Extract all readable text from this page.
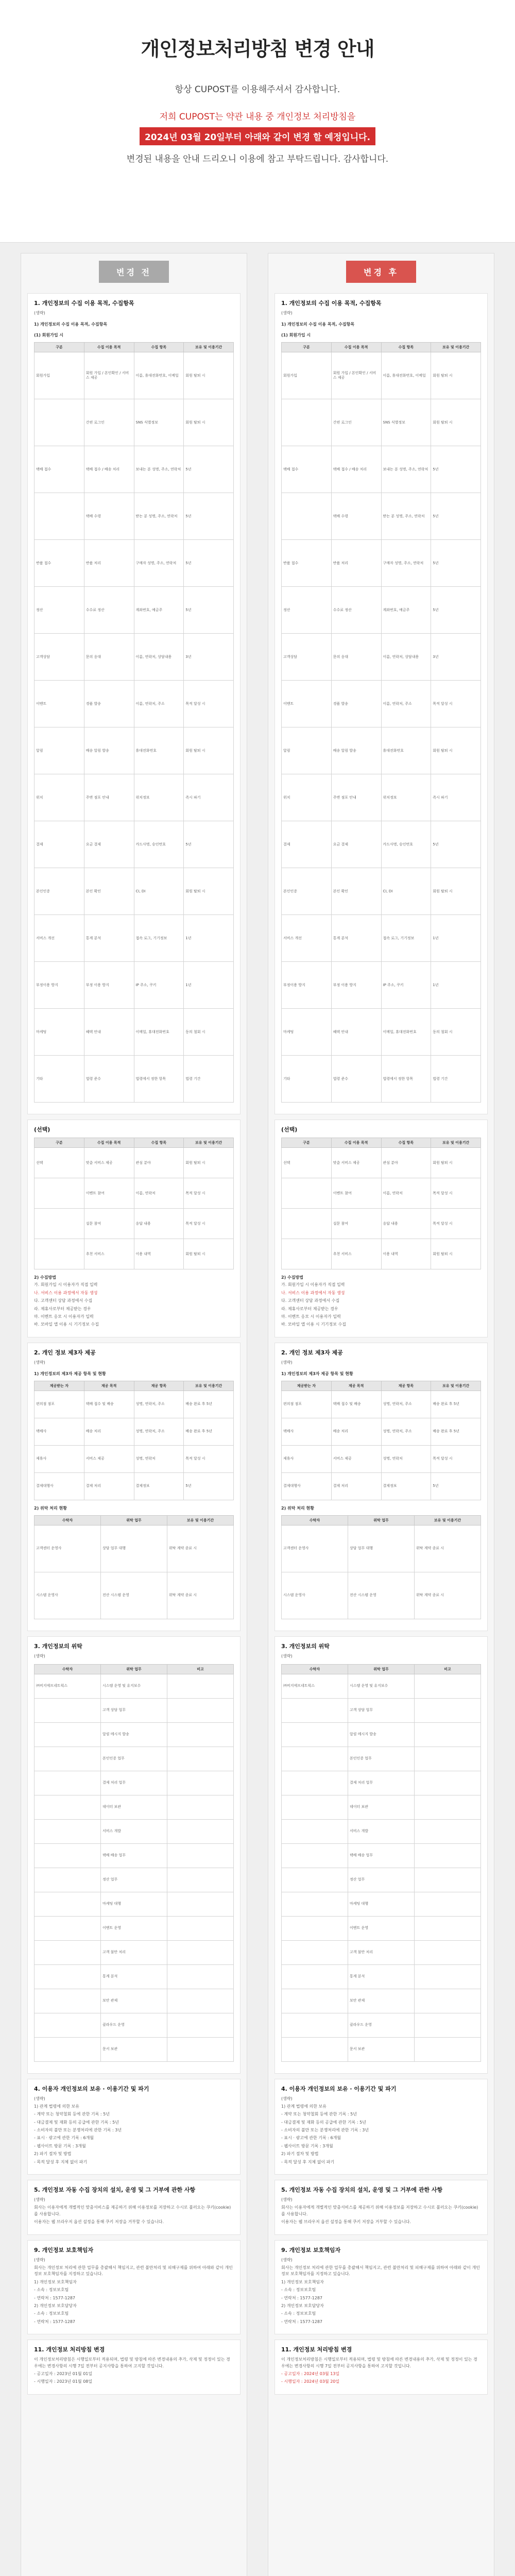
개인정보처리방침 변경 안내
항상 CUPOST를 이용해주셔서 감사합니다.
저희 CUPOST는 약관 내용 중 개인정보 처리방침을
2024년 03월 20일부터 아래와 같이 변경 할 예정입니다.
변경된 내용을 안내 드리오니 이용에 참고 부탁드립니다. 감사합니다.
변경 전
1. 개인정보의 수집 이용 목적, 수집항목

(생략)

1) 개인정보의 수집 이용 목적, 수집항목
(1) 회원가입 시
구분	수집 이용 목적	수집 항목	보유 및 이용기간
회원가입	회원 가입 / 본인확인 / 서비스 제공	이름, 휴대전화번호, 이메일	회원 탈퇴 시
	간편 로그인	SNS 식별정보	회원 탈퇴 시
택배 접수	택배 접수 / 배송 처리	보내는 분 성명, 주소, 연락처	5년
	택배 수령	받는 분 성명, 주소, 연락처	5년
반품 접수	반품 처리	구매자 성명, 주소, 연락처	5년
정산	수수료 정산	계좌번호, 예금주	5년
고객상담	문의 응대	이름, 연락처, 상담내용	3년
이벤트	경품 발송	이름, 연락처, 주소	목적 달성 시
알림	배송 알림 발송	휴대전화번호	회원 탈퇴 시
위치	주변 점포 안내	위치정보	즉시 파기
결제	요금 결제	카드사명, 승인번호	5년
본인인증	본인 확인	CI, DI	회원 탈퇴 시
서비스 개선	통계 분석	접속 로그, 기기정보	1년
부정이용 방지	부정 이용 방지	IP 주소, 쿠키	1년
마케팅	혜택 안내	이메일, 휴대전화번호	동의 철회 시
기타	법령 준수	법령에서 정한 항목	법령 기간
(선택)
구분	수집 이용 목적	수집 항목	보유 및 이용기간
선택	맞춤 서비스 제공	관심 분야	회원 탈퇴 시
	이벤트 참여	이름, 연락처	목적 달성 시
	설문 참여	응답 내용	목적 달성 시
	추천 서비스	이용 내역	회원 탈퇴 시
2) 수집방법

가. 회원가입 시 이용자가 직접 입력

나. 서비스 이용 과정에서 자동 생성

다. 고객센터 상담 과정에서 수집

라. 제휴사로부터 제공받는 경우

마. 이벤트 응모 시 이용자가 입력

바. 모바일 앱 이용 시 기기정보 수집

2. 개인 정보 제3자 제공

(생략)

1) 개인정보의 제3자 제공 항목 및 현황
제공받는 자	제공 목적	제공 항목	보유 및 이용기간
편의점 점포	택배 접수 및 배송	성명, 연락처, 주소	배송 완료 후 5년
택배사	배송 처리	성명, 연락처, 주소	배송 완료 후 5년
제휴사	서비스 제공	성명, 연락처	목적 달성 시
결제대행사	결제 처리	결제정보	5년
2) 위탁 처리 현황
수탁자	위탁 업무	보유 및 이용기간
고객센터 운영사	상담 업무 대행	위탁 계약 종료 시
시스템 운영사	전산 시스템 운영	위탁 계약 종료 시
3. 개인정보의 위탁

(생략)

수탁자	위탁 업무	비고
㈜비지에프네트웍스	시스템 운영 및 유지보수	
	고객 상담 업무	
	알림 메시지 발송	
	본인인증 업무	
	결제 처리 업무	
	데이터 보관	
	서비스 개발	
	택배 배송 업무	
	정산 업무	
	마케팅 대행	
	이벤트 운영	
	고객 불만 처리	
	통계 분석	
	보안 관제	
	클라우드 운영	
	문서 보관	
4. 이용자 개인정보의 보유 · 이용기간 및 파기

(생략)

1) 관계 법령에 의한 보유

- 계약 또는 청약철회 등에 관한 기록 : 5년

- 대금결제 및 재화 등의 공급에 관한 기록 : 5년

- 소비자의 불만 또는 분쟁처리에 관한 기록 : 3년

- 표시 · 광고에 관한 기록 : 6개월

- 웹사이트 방문 기록 : 3개월

2) 파기 절차 및 방법

- 목적 달성 후 지체 없이 파기

5. 개인정보 자동 수집 장치의 설치, 운영 및 그 거부에 관한 사항

(생략)

회사는 이용자에게 개별적인 맞춤서비스를 제공하기 위해 이용정보를 저장하고 수시로 불러오는 쿠키(cookie)를 사용합니다.

이용자는 웹 브라우저 옵션 설정을 통해 쿠키 저장을 거부할 수 있습니다.

9. 개인정보 보호책임자

(생략)

회사는 개인정보 처리에 관한 업무를 총괄해서 책임지고, 관련 불만처리 및 피해구제를 위하여 아래와 같이 개인정보 보호책임자를 지정하고 있습니다.

1) 개인정보 보호책임자

- 소속 : 정보보호팀

- 연락처 : 1577-1287

2) 개인정보 보호담당자

- 소속 : 정보보호팀

- 연락처 : 1577-1287

11. 개인정보 처리방침 변경

이 개인정보처리방침은 시행일로부터 적용되며, 법령 및 방침에 따른 변경내용의 추가, 삭제 및 정정이 있는 경우에는 변경사항의 시행 7일 전부터 공지사항을 통하여 고지할 것입니다.

- 공고일자 : 2023년 01월 01일

- 시행일자 : 2023년 01월 08일

변경 후
1. 개인정보의 수집 이용 목적, 수집항목

(생략)

1) 개인정보의 수집 이용 목적, 수집항목
(1) 회원가입 시
구분	수집 이용 목적	수집 항목	보유 및 이용기간
회원가입	회원 가입 / 본인확인 / 서비스 제공	이름, 휴대전화번호, 이메일	회원 탈퇴 시
	간편 로그인	SNS 식별정보	회원 탈퇴 시
택배 접수	택배 접수 / 배송 처리	보내는 분 성명, 주소, 연락처	5년
	택배 수령	받는 분 성명, 주소, 연락처	5년
반품 접수	반품 처리	구매자 성명, 주소, 연락처	5년
정산	수수료 정산	계좌번호, 예금주	5년
고객상담	문의 응대	이름, 연락처, 상담내용	3년
이벤트	경품 발송	이름, 연락처, 주소	목적 달성 시
알림	배송 알림 발송	휴대전화번호	회원 탈퇴 시
위치	주변 점포 안내	위치정보	즉시 파기
결제	요금 결제	카드사명, 승인번호	5년
본인인증	본인 확인	CI, DI	회원 탈퇴 시
서비스 개선	통계 분석	접속 로그, 기기정보	1년
부정이용 방지	부정 이용 방지	IP 주소, 쿠키	1년
마케팅	혜택 안내	이메일, 휴대전화번호	동의 철회 시
기타	법령 준수	법령에서 정한 항목	법령 기간
(선택)
구분	수집 이용 목적	수집 항목	보유 및 이용기간
선택	맞춤 서비스 제공	관심 분야	회원 탈퇴 시
	이벤트 참여	이름, 연락처	목적 달성 시
	설문 참여	응답 내용	목적 달성 시
	추천 서비스	이용 내역	회원 탈퇴 시
2) 수집방법

가. 회원가입 시 이용자가 직접 입력

나. 서비스 이용 과정에서 자동 생성

다. 고객센터 상담 과정에서 수집

라. 제휴사로부터 제공받는 경우

마. 이벤트 응모 시 이용자가 입력

바. 모바일 앱 이용 시 기기정보 수집

2. 개인 정보 제3자 제공

(생략)

1) 개인정보의 제3자 제공 항목 및 현황
제공받는 자	제공 목적	제공 항목	보유 및 이용기간
편의점 점포	택배 접수 및 배송	성명, 연락처, 주소	배송 완료 후 5년
택배사	배송 처리	성명, 연락처, 주소	배송 완료 후 5년
제휴사	서비스 제공	성명, 연락처	목적 달성 시
결제대행사	결제 처리	결제정보	5년
2) 위탁 처리 현황
수탁자	위탁 업무	보유 및 이용기간
고객센터 운영사	상담 업무 대행	위탁 계약 종료 시
시스템 운영사	전산 시스템 운영	위탁 계약 종료 시
3. 개인정보의 위탁

(생략)

수탁자	위탁 업무	비고
㈜비지에프네트웍스	시스템 운영 및 유지보수	
	고객 상담 업무	
	알림 메시지 발송	
	본인인증 업무	
	결제 처리 업무	
	데이터 보관	
	서비스 개발	
	택배 배송 업무	
	정산 업무	
	마케팅 대행	
	이벤트 운영	
	고객 불만 처리	
	통계 분석	
	보안 관제	
	클라우드 운영	
	문서 보관	
4. 이용자 개인정보의 보유 · 이용기간 및 파기

(생략)

1) 관계 법령에 의한 보유

- 계약 또는 청약철회 등에 관한 기록 : 5년

- 대금결제 및 재화 등의 공급에 관한 기록 : 5년

- 소비자의 불만 또는 분쟁처리에 관한 기록 : 3년

- 표시 · 광고에 관한 기록 : 6개월

- 웹사이트 방문 기록 : 3개월

2) 파기 절차 및 방법

- 목적 달성 후 지체 없이 파기

5. 개인정보 자동 수집 장치의 설치, 운영 및 그 거부에 관한 사항

(생략)

회사는 이용자에게 개별적인 맞춤서비스를 제공하기 위해 이용정보를 저장하고 수시로 불러오는 쿠키(cookie)를 사용합니다.

이용자는 웹 브라우저 옵션 설정을 통해 쿠키 저장을 거부할 수 있습니다.

9. 개인정보 보호책임자

(생략)

회사는 개인정보 처리에 관한 업무를 총괄해서 책임지고, 관련 불만처리 및 피해구제를 위하여 아래와 같이 개인정보 보호책임자를 지정하고 있습니다.

1) 개인정보 보호책임자

- 소속 : 정보보호팀

- 연락처 : 1577-1287

2) 개인정보 보호담당자

- 소속 : 정보보호팀

- 연락처 : 1577-1287

11. 개인정보 처리방침 변경

이 개인정보처리방침은 시행일로부터 적용되며, 법령 및 방침에 따른 변경내용의 추가, 삭제 및 정정이 있는 경우에는 변경사항의 시행 7일 전부터 공지사항을 통하여 고지할 것입니다.

- 공고일자 : 2024년 03월 13일

- 시행일자 : 2024년 03월 20일
